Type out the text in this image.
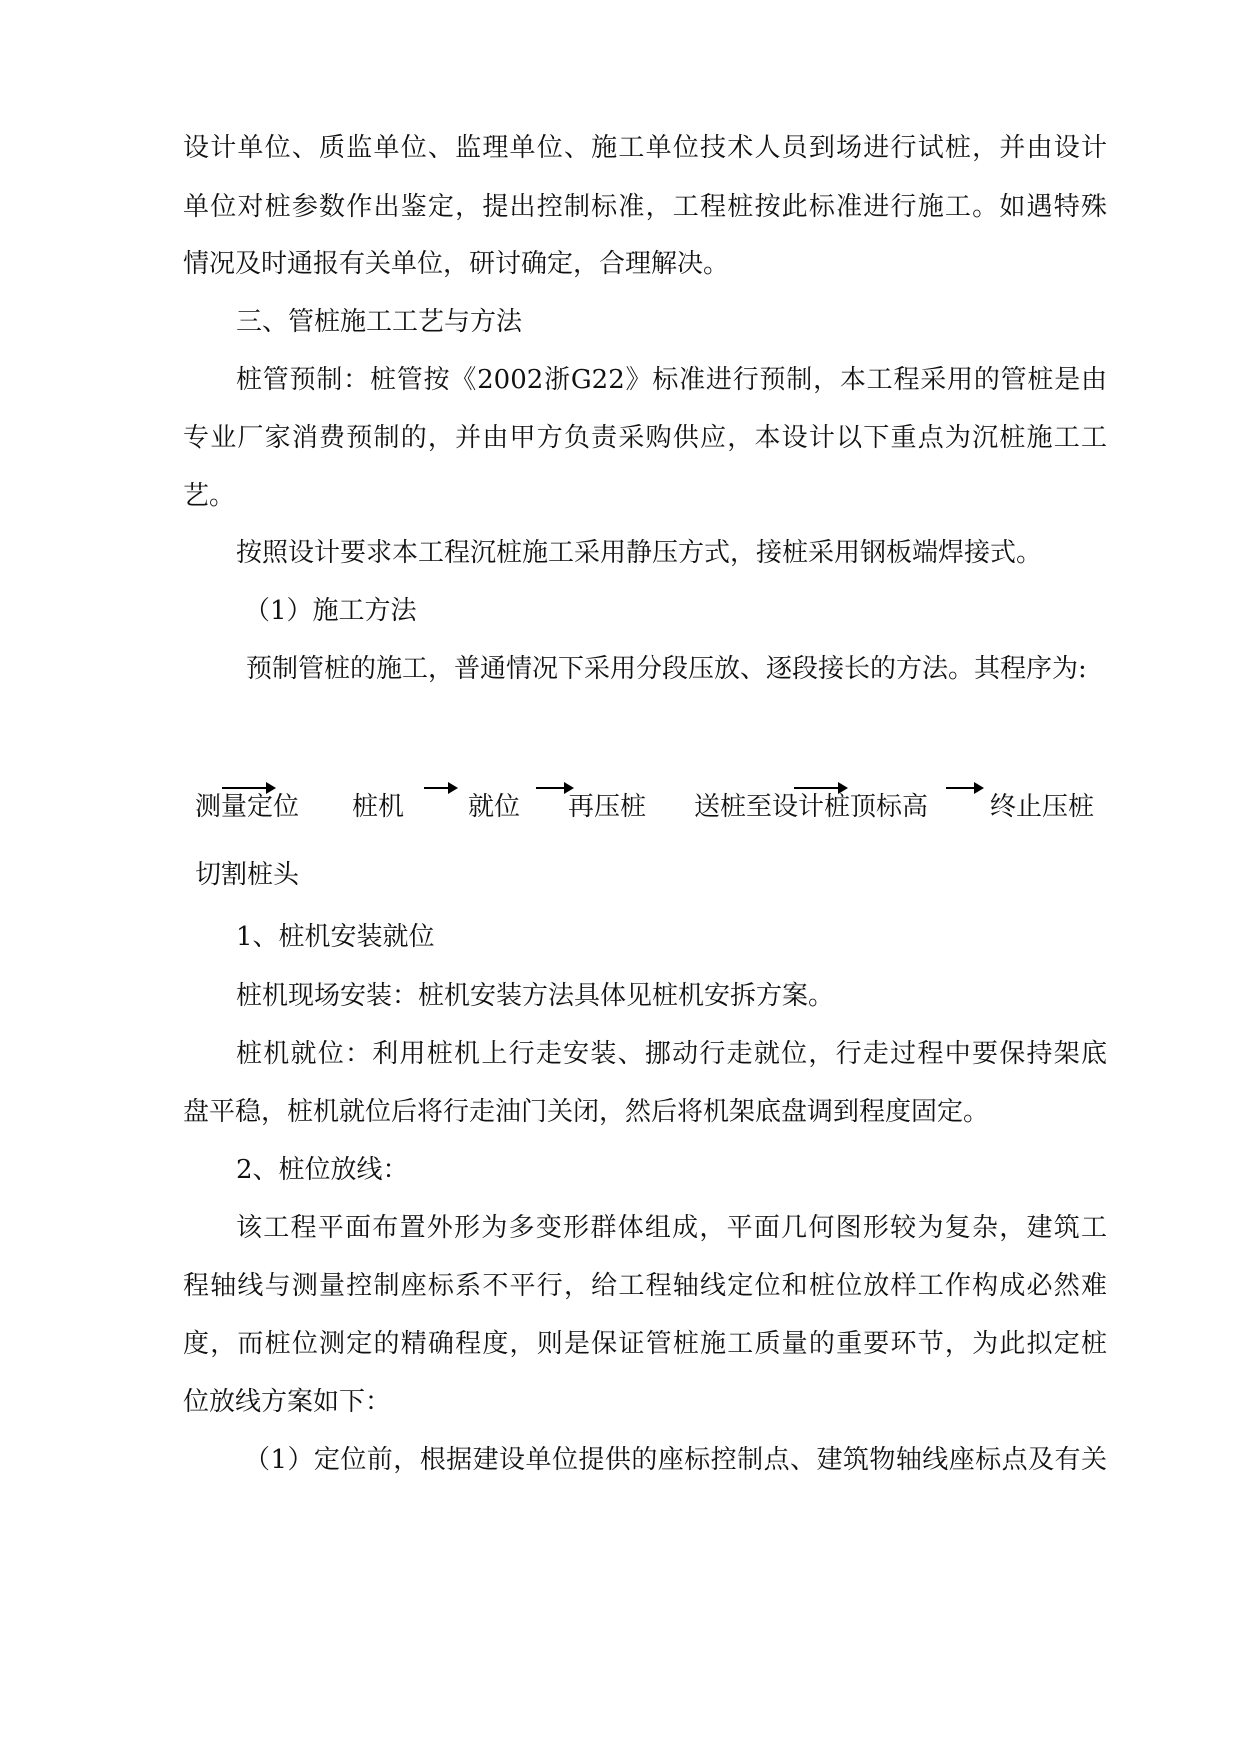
设计单位、质监单位、监理单位、施工单位技术人员到场进行试桩，并由设计
单位对桩参数作出鉴定，提出控制标准，工程桩按此标准进行施工。如遇特殊
情况及时通报有关单位，研讨确定，合理解决。
三、管桩施工工艺与方法
桩管预制：桩管按《2002浙G22》标准进行预制，本工程采用的管桩是由
专业厂家消费预制的，并由甲方负责采购供应，本设计以下重点为沉桩施工工
艺。
按照设计要求本工程沉桩施工采用静压方式，接桩采用钢板端焊接式。
（1）施工方法
预制管桩的施工，普通情况下采用分段压放、逐段接长的方法。其程序为:
测量定位 桩机 就位 再压桩 送桩至设计桩顶标高 终止压桩
切割桩头
1、桩机安装就位
桩机现场安装：桩机安装方法具体见桩机安拆方案。
桩机就位：利用桩机上行走安装、挪动行走就位，行走过程中要保持架底
盘平稳，桩机就位后将行走油门关闭，然后将机架底盘调到程度固定。
2、桩位放线：
该工程平面布置外形为多变形群体组成，平面几何图形较为复杂，建筑工
程轴线与测量控制座标系不平行，给工程轴线定位和桩位放样工作构成必然难
度，而桩位测定的精确程度，则是保证管桩施工质量的重要环节，为此拟定桩
位放线方案如下：
（1）定位前，根据建设单位提供的座标控制点、建筑物轴线座标点及有关
